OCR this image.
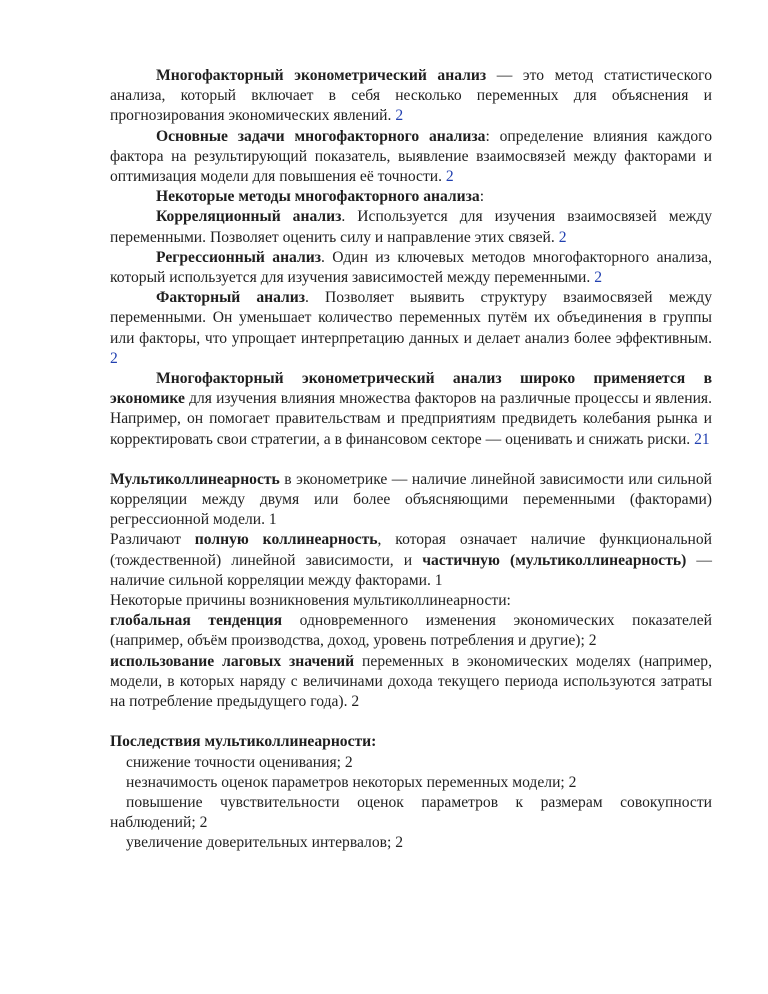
Многофакторный эконометрический анализ — это метод статистического анализа, который включает в себя несколько переменных для объяснения и прогнозирования экономических явлений. 2

Основные задачи многофакторного анализа: определение влияния каждого фактора на результирующий показатель, выявление взаимосвязей между факторами и оптимизация модели для повышения её точности. 2

Некоторые методы многофакторного анализа:

Корреляционный анализ. Используется для изучения взаимосвязей между переменными. Позволяет оценить силу и направление этих связей. 2

Регрессионный анализ. Один из ключевых методов многофакторного анализа, который используется для изучения зависимостей между переменными. 2

Факторный анализ. Позволяет выявить структуру взаимосвязей между переменными. Он уменьшает количество переменных путём их объединения в группы или факторы, что упрощает интерпретацию данных и делает анализ более эффективным. 2

Многофакторный эконометрический анализ широко применяется в экономике для изучения влияния множества факторов на различные процессы и явления. Например, он помогает правительствам и предприятиям предвидеть колебания рынка и корректировать свои стратегии, а в финансовом секторе — оценивать и снижать риски. 21

Мультиколлинеарность в эконометрике — наличие линейной зависимости или сильной корреляции между двумя или более объясняющими переменными (факторами) регрессионной модели. 1

Различают полную коллинеарность, которая означает наличие функциональной (тождественной) линейной зависимости, и частичную (мультиколлинеарность) — наличие сильной корреляции между факторами. 1

Некоторые причины возникновения мультиколлинеарности:

глобальная тенденция одновременного изменения экономических показателей (например, объём производства, доход, уровень потребления и другие); 2

использование лаговых значений переменных в экономических моделях (например, модели, в которых наряду с величинами дохода текущего периода используются затраты на потребление предыдущего года). 2

Последствия мультиколлинеарности:

снижение точности оценивания; 2

незначимость оценок параметров некоторых переменных модели; 2

повышение чувствительности оценок параметров к размерам совокупности наблюдений; 2

увеличение доверительных интервалов; 2
